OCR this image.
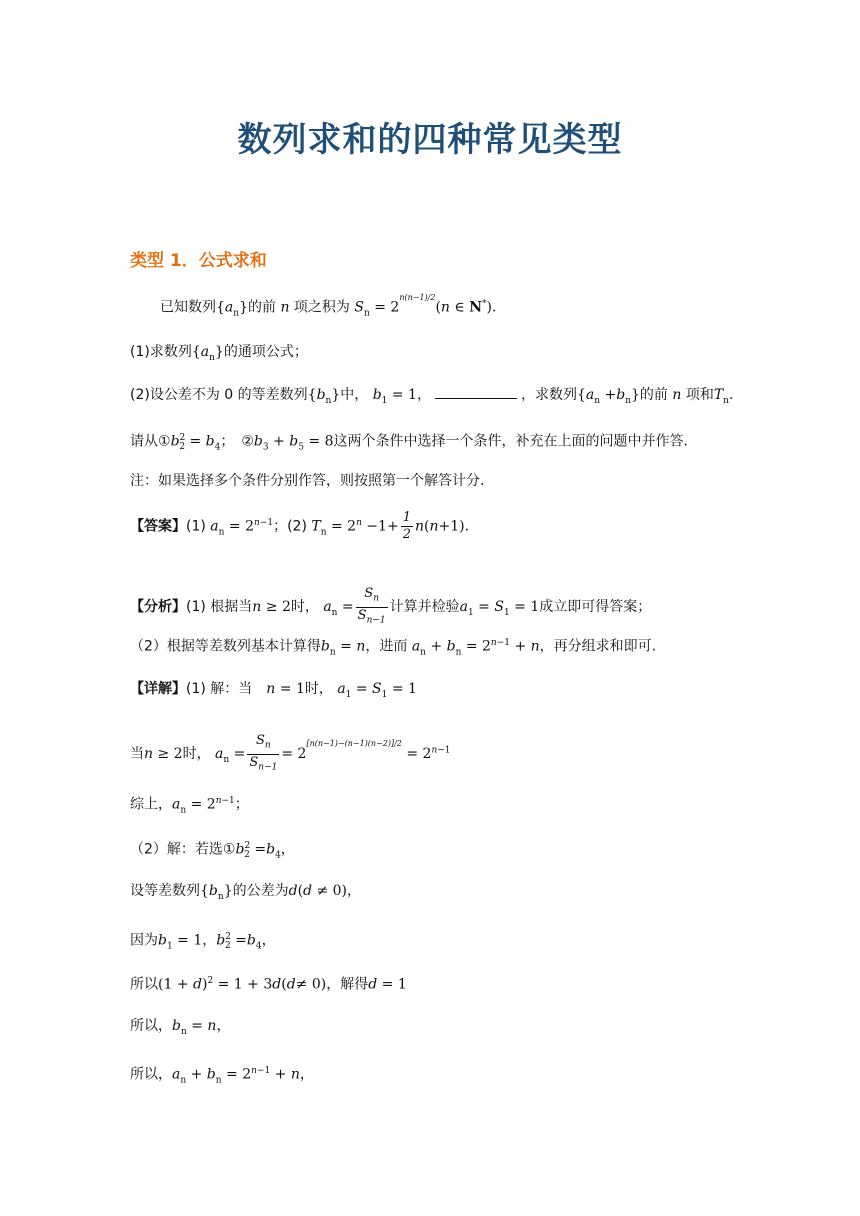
数列求和的四种常见类型
类型 1．公式求和
已知数列$\{a_n\}$的前 n 项之积为 $S_n = 2^{n(n-1)/2}(n$ ∈ N*).
(1)求数列$\{a_n\}$的通项公式；
(2)设公差不为 0 的等差数列$\{b_n\}$中， $b_1 = 1$，	，求数列$\{a_n +b_n\}$的前 n 项和$T_n$.
请从$①b^2_2 = b_4$；　$②b_3 + b_5 = 8$这两个条件中选择一个条件，补充在上面的问题中并作答.
注：如果选择多个条件分别作答，则按照第一个解答计分.
【答案】(1) $a_n = 2^{n-1}$；(2) $T_n = 2^n -1+ \frac{1}{2} n(n+1)$.
【分析】(1) 根据当n ≥ 2时， $a_n = \frac{S_n}{S_{n-1}}$ 计算并检验$a_1 = S_1 = 1$成立即可得答案；
（2）根据等差数列基本计算得$b_n = n$，进而 $a_n + b_n = 2^{n-1} + n$，再分组求和即可.
【详解】(1) 解：当　n = 1时， $a_1 = S_1 = 1$
当n ≥ 2时， $a_n = \frac{S_n}{S_{n-1}} = 2^{[n(n-1)-(n-1)(n-2)]/2} = 2^{n-1}$
综上，$a_n = 2^{n-1}$；
（2）解：若选$①b^2_2 =b_4$，
设等差数列$\{b_n\}$的公差为d(d ≠ 0)，
因为$b_1 = 1$，$b^2_2 =b_4$，
所以$(1 + d)^2 = 1 + 3d(d\ne 0)$，解得d = 1
所以，$b_n = n$，
所以，$a_n + b_n = 2^{n-1} + n$，
